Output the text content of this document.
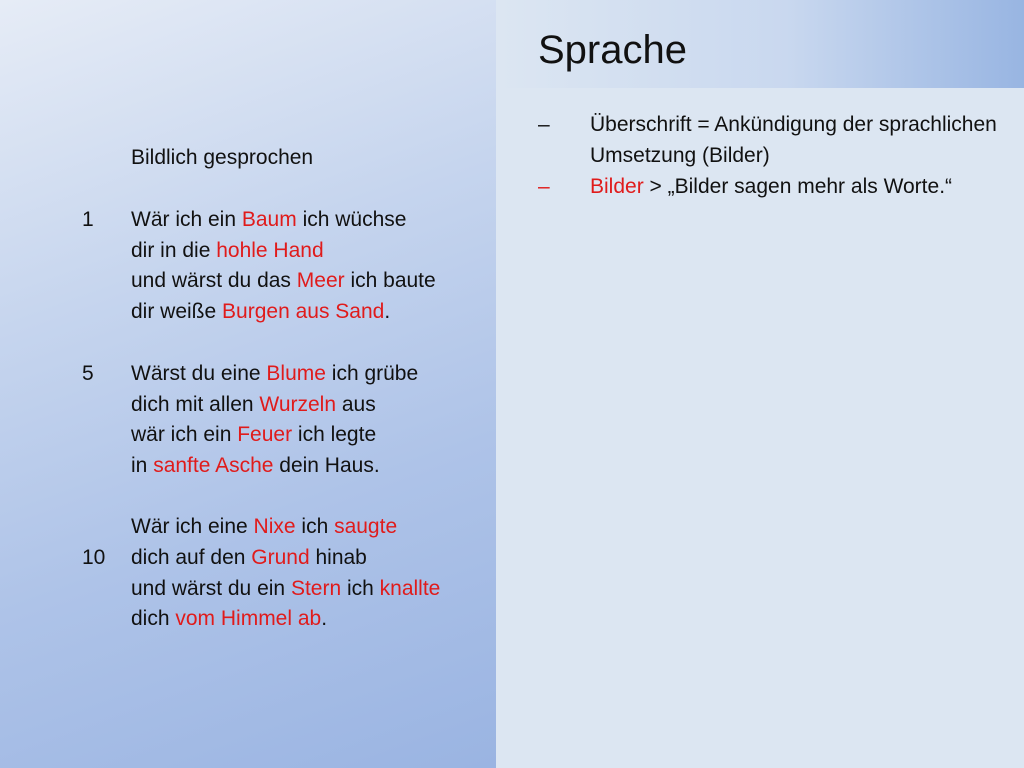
Sprache
Bildlich gesprochen
1
5
10
Wär ich ein Baum ich wüchse
dir in die hohle Hand
und wärst du das Meer ich baute
dir weiße Burgen aus Sand.
Wärst du eine Blume ich grübe
dich mit allen Wurzeln aus
wär ich ein Feuer ich legte
in sanfte Asche dein Haus.
Wär ich eine Nixe ich saugte
dich auf den Grund hinab
und wärst du ein Stern ich knallte
dich vom Himmel ab.
–	Überschrift = Ankündigung der sprachlichen Umsetzung (Bilder)
–	Bilder > „Bilder sagen mehr als Worte.“
